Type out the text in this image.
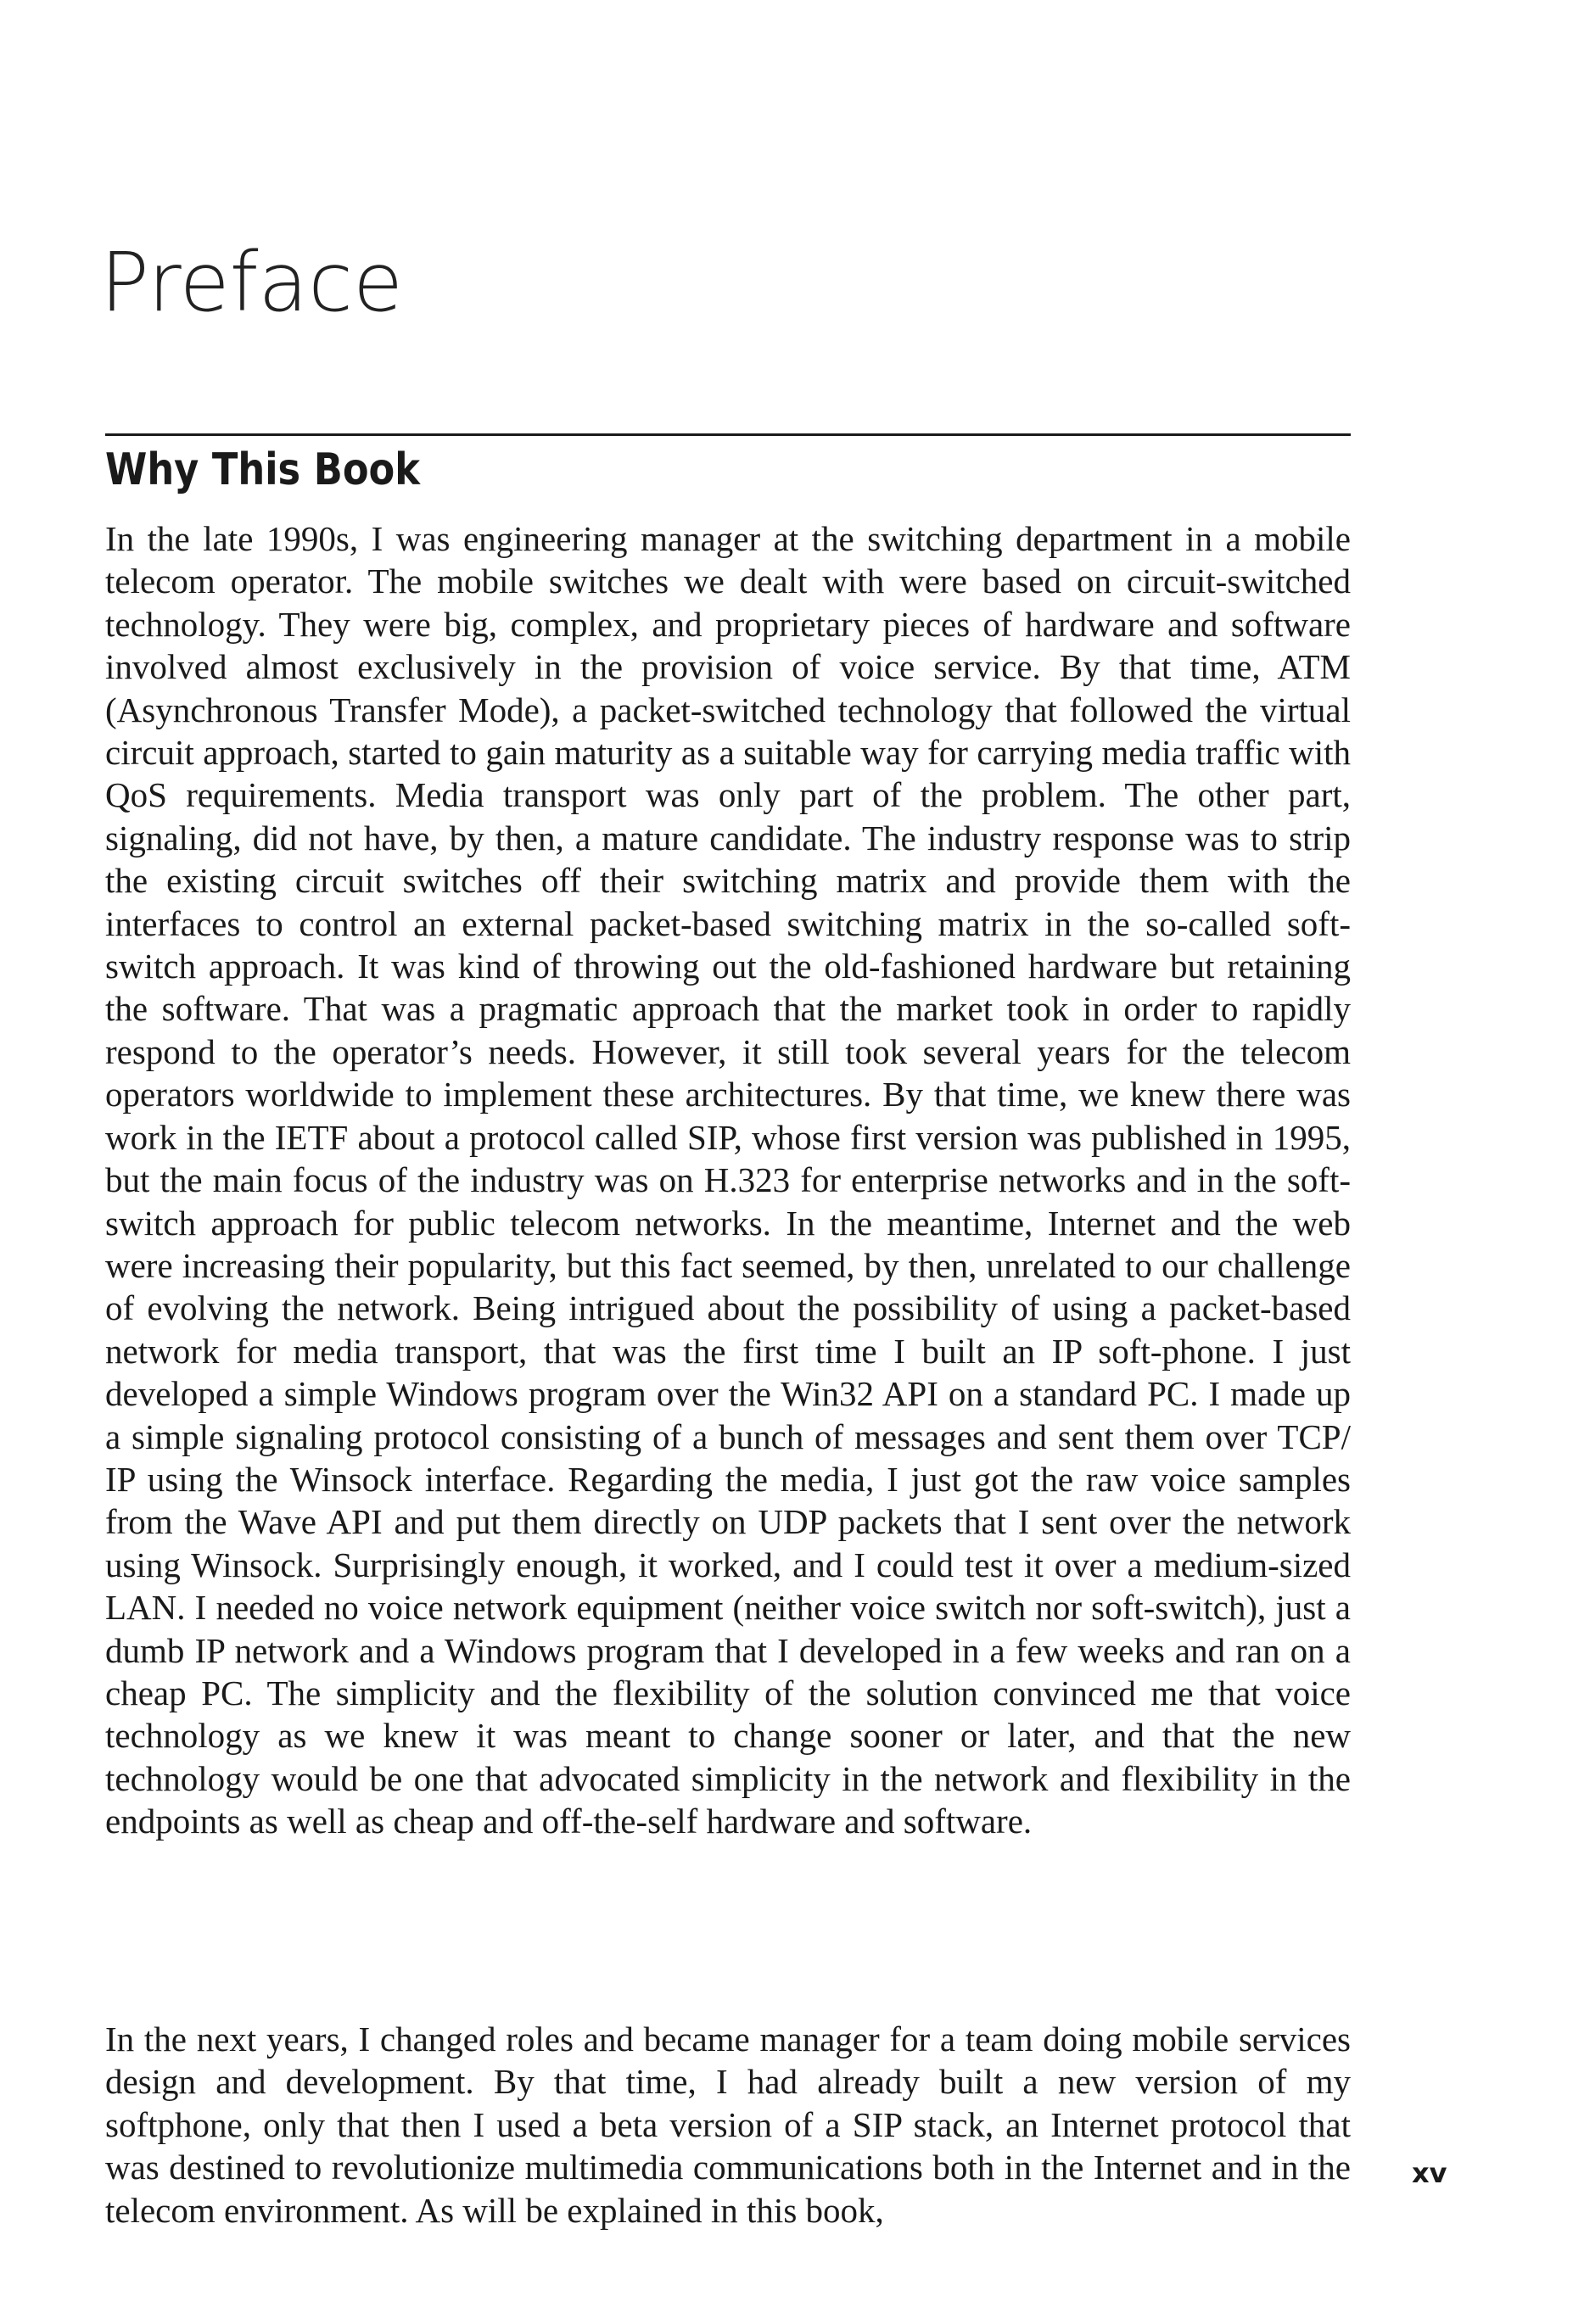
Preface
Why This Book

In the late 1990s, I was engineering manager at the switching department in a mobile telecom operator. The mobile switches we dealt with were based on circuit-switched technology. They were big, complex, and proprietary pieces of hardware and software involved almost exclusively in the provision of voice service. By that time, ATM (Asynchronous Transfer Mode), a packet-switched technology that followed the virtual circuit approach, started to gain maturity as a suitable way for carrying media traffic with QoS requirements. Media transport was only part of the problem. The other part, signaling, did not have, by then, a mature candidate. The industry response was to strip the existing circuit switches off their switching matrix and provide them with the interfaces to control an external packet-based switching matrix in the so-called soft-switch approach. It was kind of throwing out the old-fashioned hardware but retaining the software. That was a pragmatic approach that the market took in order to rapidly respond to the operator’s needs. However, it still took several years for the telecom operators worldwide to implement these architectures. By that time, we knew there was work in the IETF about a protocol called SIP, whose first version was published in 1995, but the main focus of the industry was on H.323 for enterprise networks and in the soft-switch approach for public telecom networks. In the meantime, Internet and the web were increasing their popularity, but this fact seemed, by then, unrelated to our challenge of evolving the network. Being intrigued about the possibility of using a packet-based network for media transport, that was the first time I built an IP soft-phone. I just developed a simple Windows program over the Win32 API on a standard PC. I made up a simple signaling protocol consisting of a bunch of messages and sent them over TCP/ IP using the Winsock interface. Regarding the media, I just got the raw voice samples from the Wave API and put them directly on UDP packets that I sent over the network using Winsock. Surprisingly enough, it worked, and I could test it over a medium-sized LAN. I needed no voice network equipment (neither voice switch nor soft-switch), just a dumb IP network and a Windows program that I developed in a few weeks and ran on a cheap PC. The simplicity and the flexibility of the solution convinced me that voice technology as we knew it was meant to change sooner or later, and that the new technology would be one that advocated simplicity in the network and flexibility in the endpoints as well as cheap and off-the-self hardware and software.

In the next years, I changed roles and became manager for a team doing mobile services design and development. By that time, I had already built a new version of my softphone, only that then I used a beta version of a SIP stack, an Internet protocol that was destined to revolutionize multimedia communications both in the Internet and in the telecom environment. As will be explained in this book,

xv
